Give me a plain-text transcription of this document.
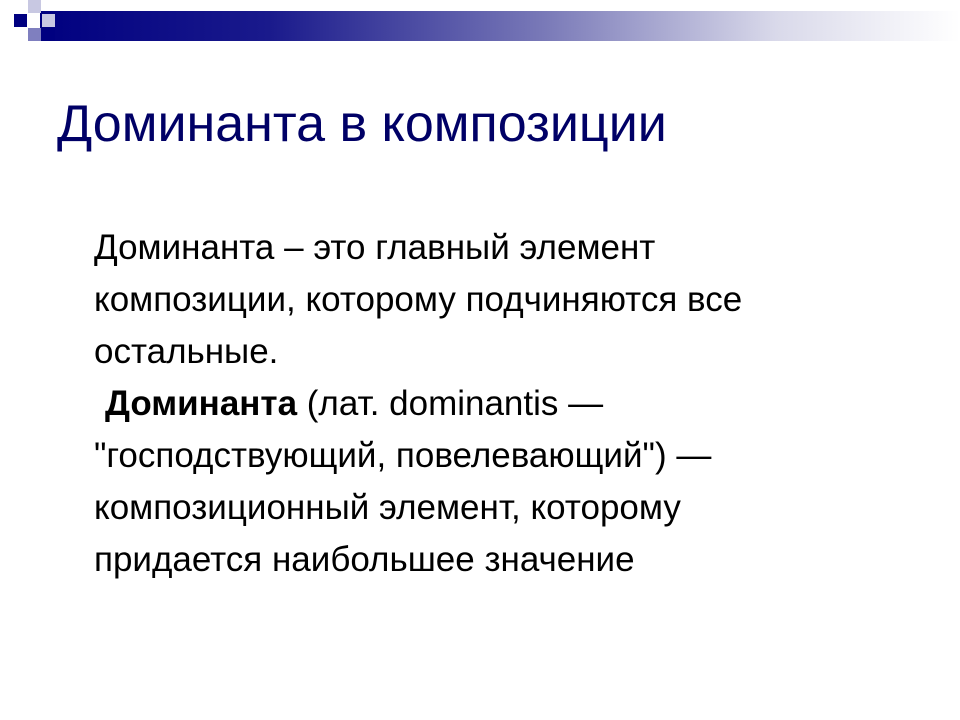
Доминанта в композиции

Доминанта – это главный элемент
композиции, которому подчиняются все
остальные.

Доминанта (лат. dominantis —
"господствующий, повелевающий") —
композиционный элемент, которому
придается наибольшее значение
